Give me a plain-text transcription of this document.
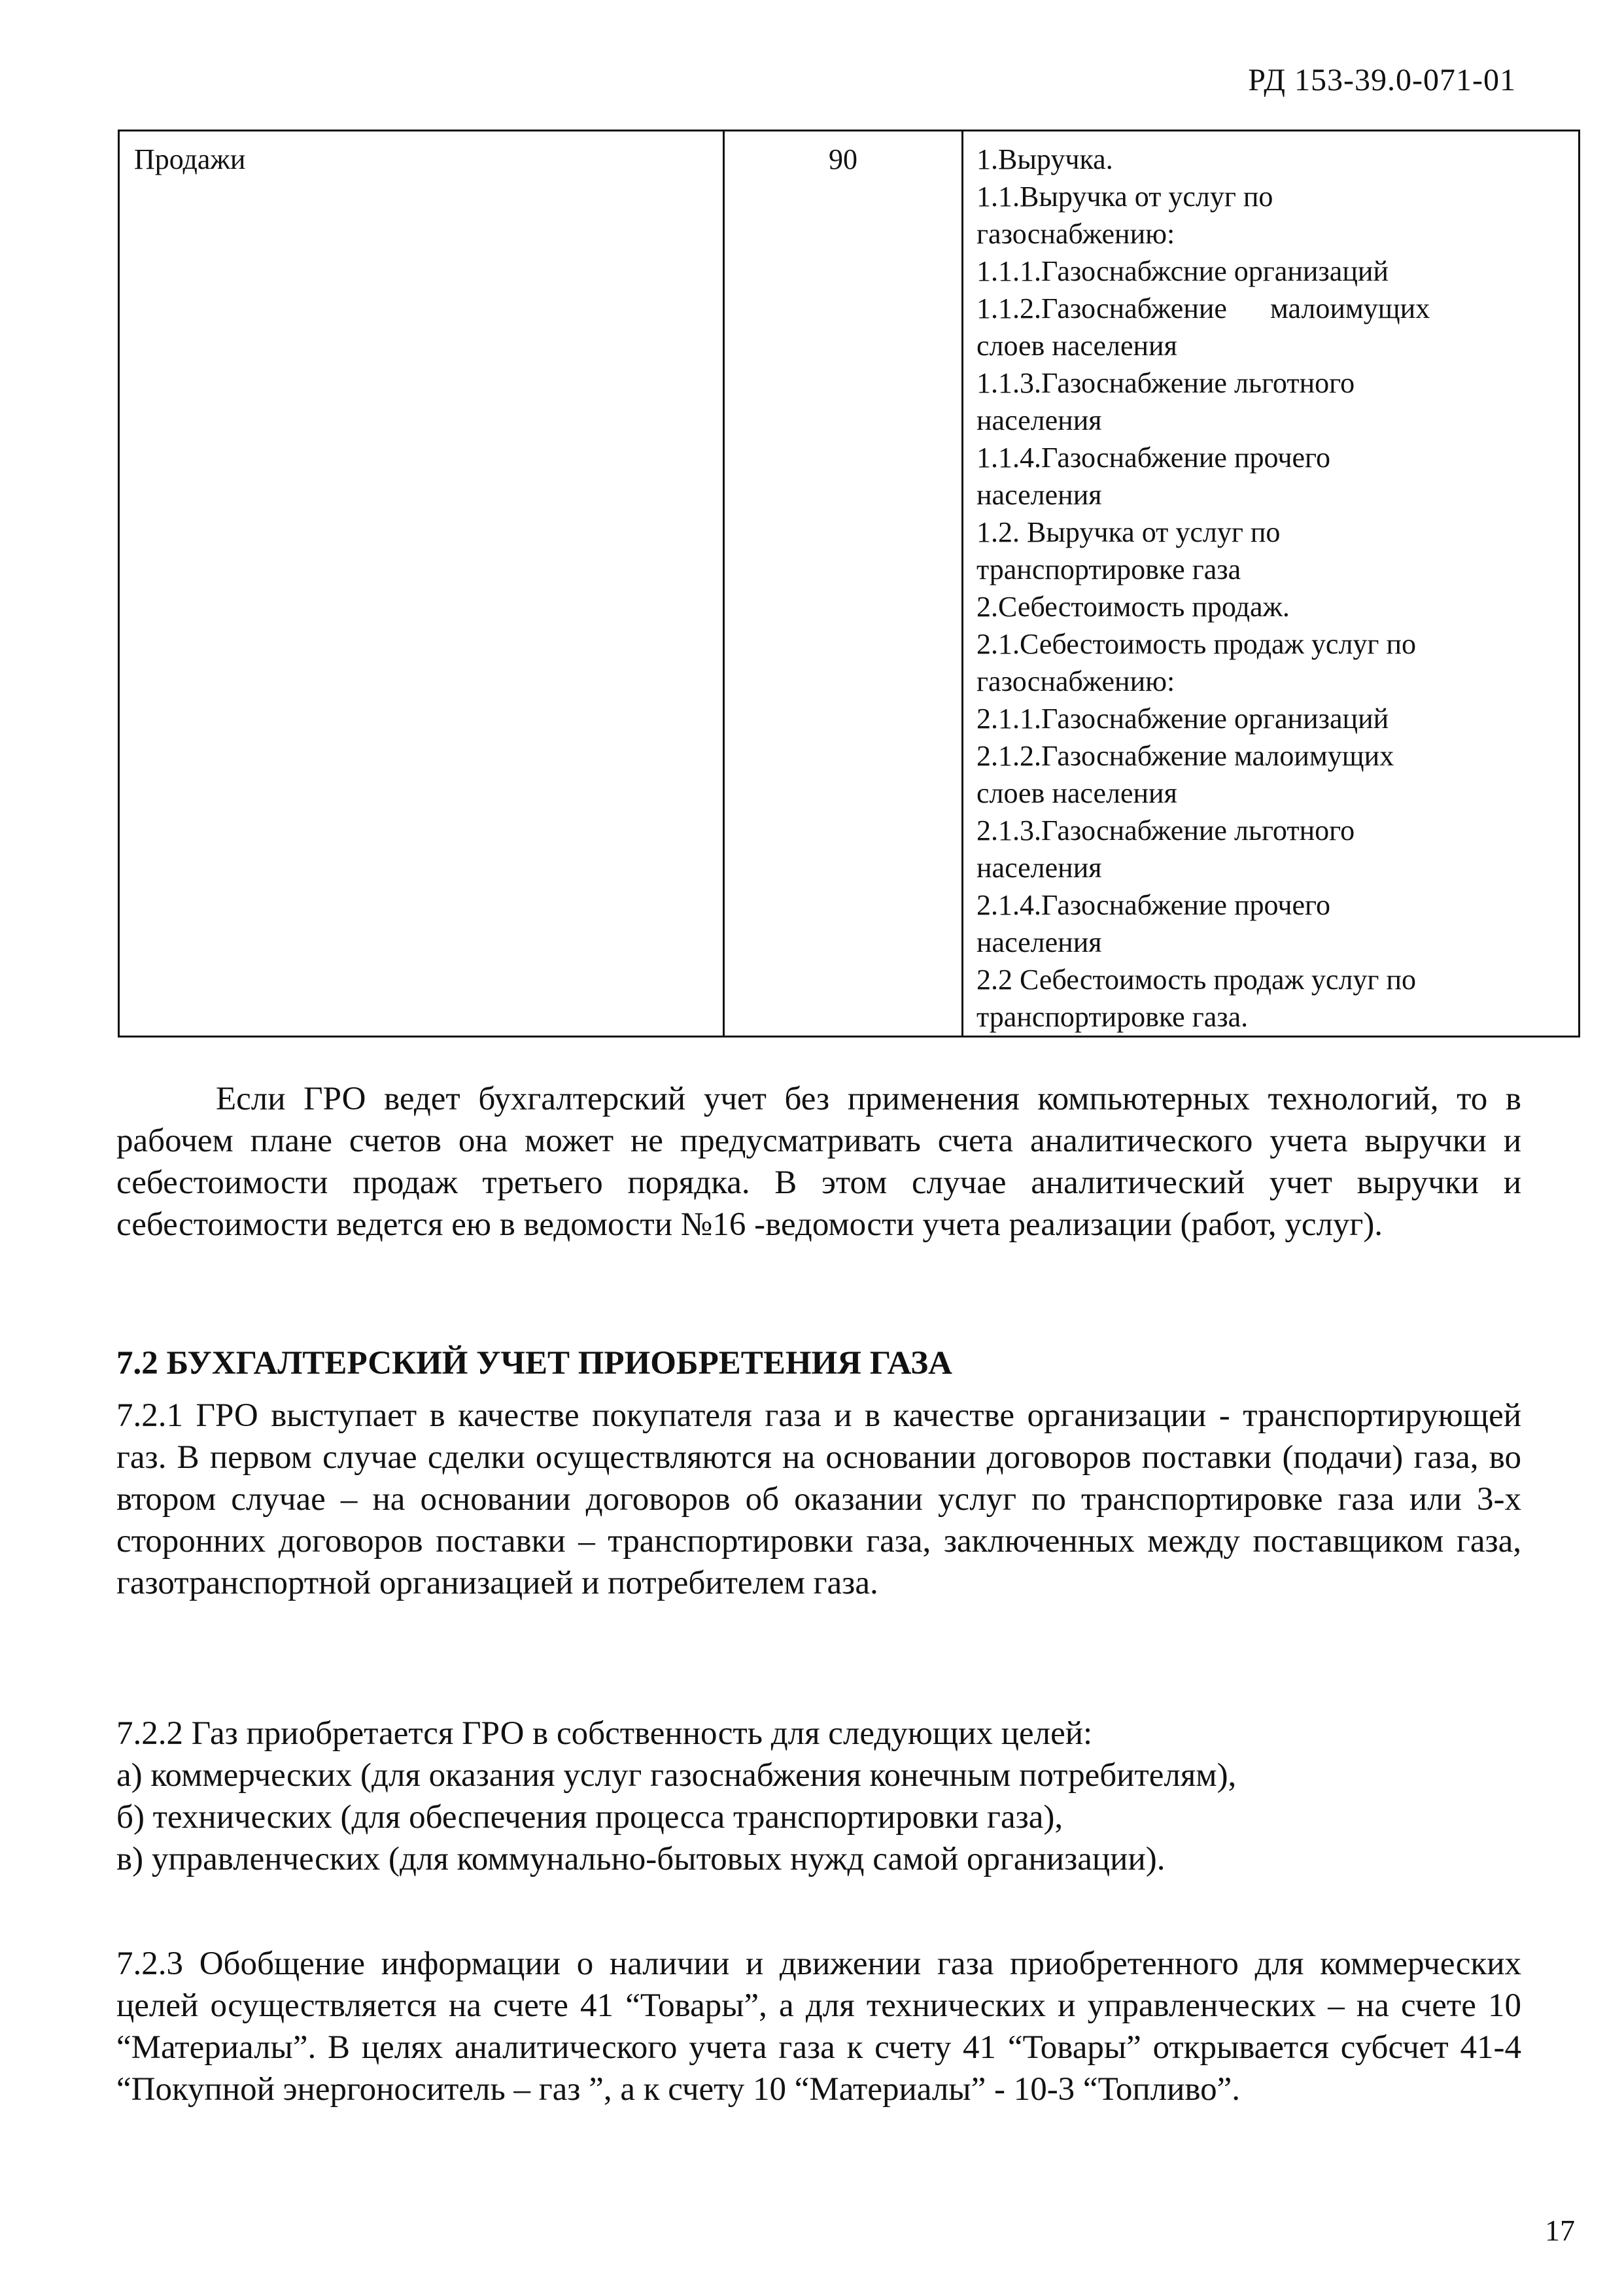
РД 153-39.0-071-01
Продажи	90	1.Выручка.
1.1.Выручка от услуг по
газоснабжению:
1.1.1.Газоснабжсние организаций
1.1.2.Газоснабжение      малоимущих
слоев населения
1.1.3.Газоснабжение льготного
населения
1.1.4.Газоснабжение прочего
населения
1.2. Выручка от услуг по
транспортировке газа
2.Себестоимость продаж.
2.1.Себестоимость продаж услуг по
газоснабжению:
2.1.1.Газоснабжение организаций
2.1.2.Газоснабжение малоимущих
слоев населения
2.1.3.Газоснабжение льготного
населения
2.1.4.Газоснабжение прочего
населения
2.2 Себестоимость продаж услуг по
транспортировке газа.

Если ГРО ведет бухгалтерский учет без применения компьютерных технологий, то в рабочем плане счетов она может не предусматривать счета аналитического учета выручки и себестоимости продаж третьего порядка. В этом случае аналитический учет выручки и себестоимости ведется ею в ведомости №16 -ведомости учета реализации (работ, услуг).

7.2 БУХГАЛТЕРСКИЙ УЧЕТ ПРИОБРЕТЕНИЯ ГАЗА

7.2.1 ГРО выступает в качестве покупателя газа и в качестве организации - транспортирующей газ. В первом случае сделки осуществляются на основании договоров поставки (подачи) газа, во втором случае – на основании договоров об оказании услуг по транспортировке газа или 3-х сторонних договоров поставки – транспортировки газа, заключенных между поставщиком газа, газотранспортной организацией и потребителем газа.

7.2.2 Газ приобретается ГРО в собственность для следующих целей:
а) коммерческих (для оказания услуг газоснабжения конечным потребителям),
б) технических (для обеспечения процесса транспортировки газа),
в) управленческих (для коммунально-бытовых нужд самой организации).

7.2.3 Обобщение информации о наличии и движении газа приобретенного для коммерческих целей осуществляется на счете 41 “Товары”, а для технических и управленческих – на счете 10 “Материалы”. В целях аналитического учета газа к счету 41 “Товары” открывается субсчет 41-4 “Покупной энергоноситель – газ ”, а к счету 10 “Материалы” - 10-3 “Топливо”.

17
